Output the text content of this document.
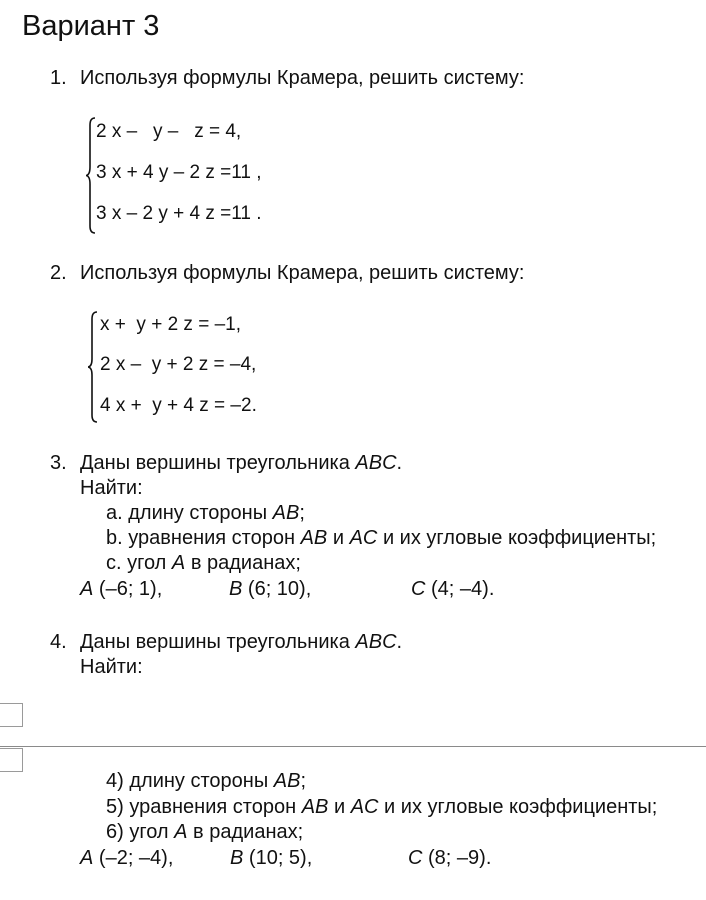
Вариант 3
1. Используя формулы Крамера, решить систему:
2 x –   y –   z = 4,
3 x + 4 y – 2 z =11 ,
3 x – 2 y + 4 z =11 .
2. Используя формулы Крамера, решить систему:
x +  y + 2 z = –1,
2 x –  y + 2 z = –4,
4 x +  y + 4 z = –2.
3. Даны вершины треугольника ABC.
Найти:
a. длину стороны AB;
b. уравнения сторон AB и AC и их угловые коэффициенты;
c. угол A в радианах;
A (–6; 1),	B (6; 10),	C (4; –4).
4. Даны вершины треугольника ABC.
Найти:
4) длину стороны AB;
5) уравнения сторон AB и AC и их угловые коэффициенты;
6) угол A в радианах;
A (–2; –4),	B (10; 5),	C (8; –9).
